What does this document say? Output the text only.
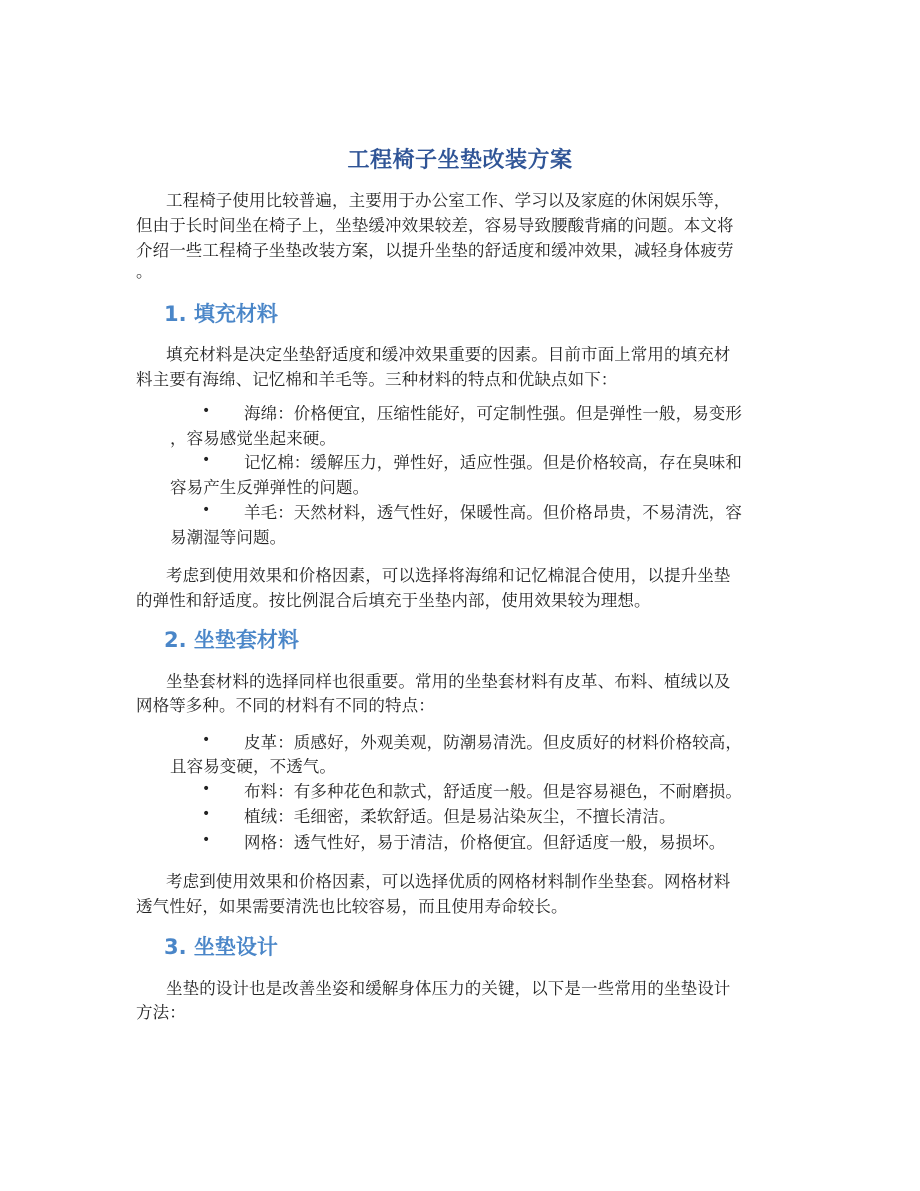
工程椅子坐垫改装方案
工程椅子使用比较普遍，主要用于办公室工作、学习以及家庭的休闲娱乐等，
但由于长时间坐在椅子上，坐垫缓冲效果较差，容易导致腰酸背痛的问题。本文将
介绍一些工程椅子坐垫改装方案，以提升坐垫的舒适度和缓冲效果，减轻身体疲劳
。
1. 填充材料
填充材料是决定坐垫舒适度和缓冲效果重要的因素。目前市面上常用的填充材
料主要有海绵、记忆棉和羊毛等。三种材料的特点和优缺点如下：
• 海绵：价格便宜，压缩性能好，可定制性强。但是弹性一般，易变形
，容易感觉坐起来硬。
• 记忆棉：缓解压力，弹性好，适应性强。但是价格较高，存在臭味和
容易产生反弹弹性的问题。
• 羊毛：天然材料，透气性好，保暖性高。但价格昂贵，不易清洗，容
易潮湿等问题。
考虑到使用效果和价格因素，可以选择将海绵和记忆棉混合使用，以提升坐垫
的弹性和舒适度。按比例混合后填充于坐垫内部，使用效果较为理想。
2. 坐垫套材料
坐垫套材料的选择同样也很重要。常用的坐垫套材料有皮革、布料、植绒以及
网格等多种。不同的材料有不同的特点：
• 皮革：质感好，外观美观，防潮易清洗。但皮质好的材料价格较高，
且容易变硬，不透气。
• 布料：有多种花色和款式，舒适度一般。但是容易褪色，不耐磨损。
• 植绒：毛细密，柔软舒适。但是易沾染灰尘，不擅长清洁。
• 网格：透气性好，易于清洁，价格便宜。但舒适度一般，易损坏。
考虑到使用效果和价格因素，可以选择优质的网格材料制作坐垫套。网格材料
透气性好，如果需要清洗也比较容易，而且使用寿命较长。
3. 坐垫设计
坐垫的设计也是改善坐姿和缓解身体压力的关键，以下是一些常用的坐垫设计
方法：
